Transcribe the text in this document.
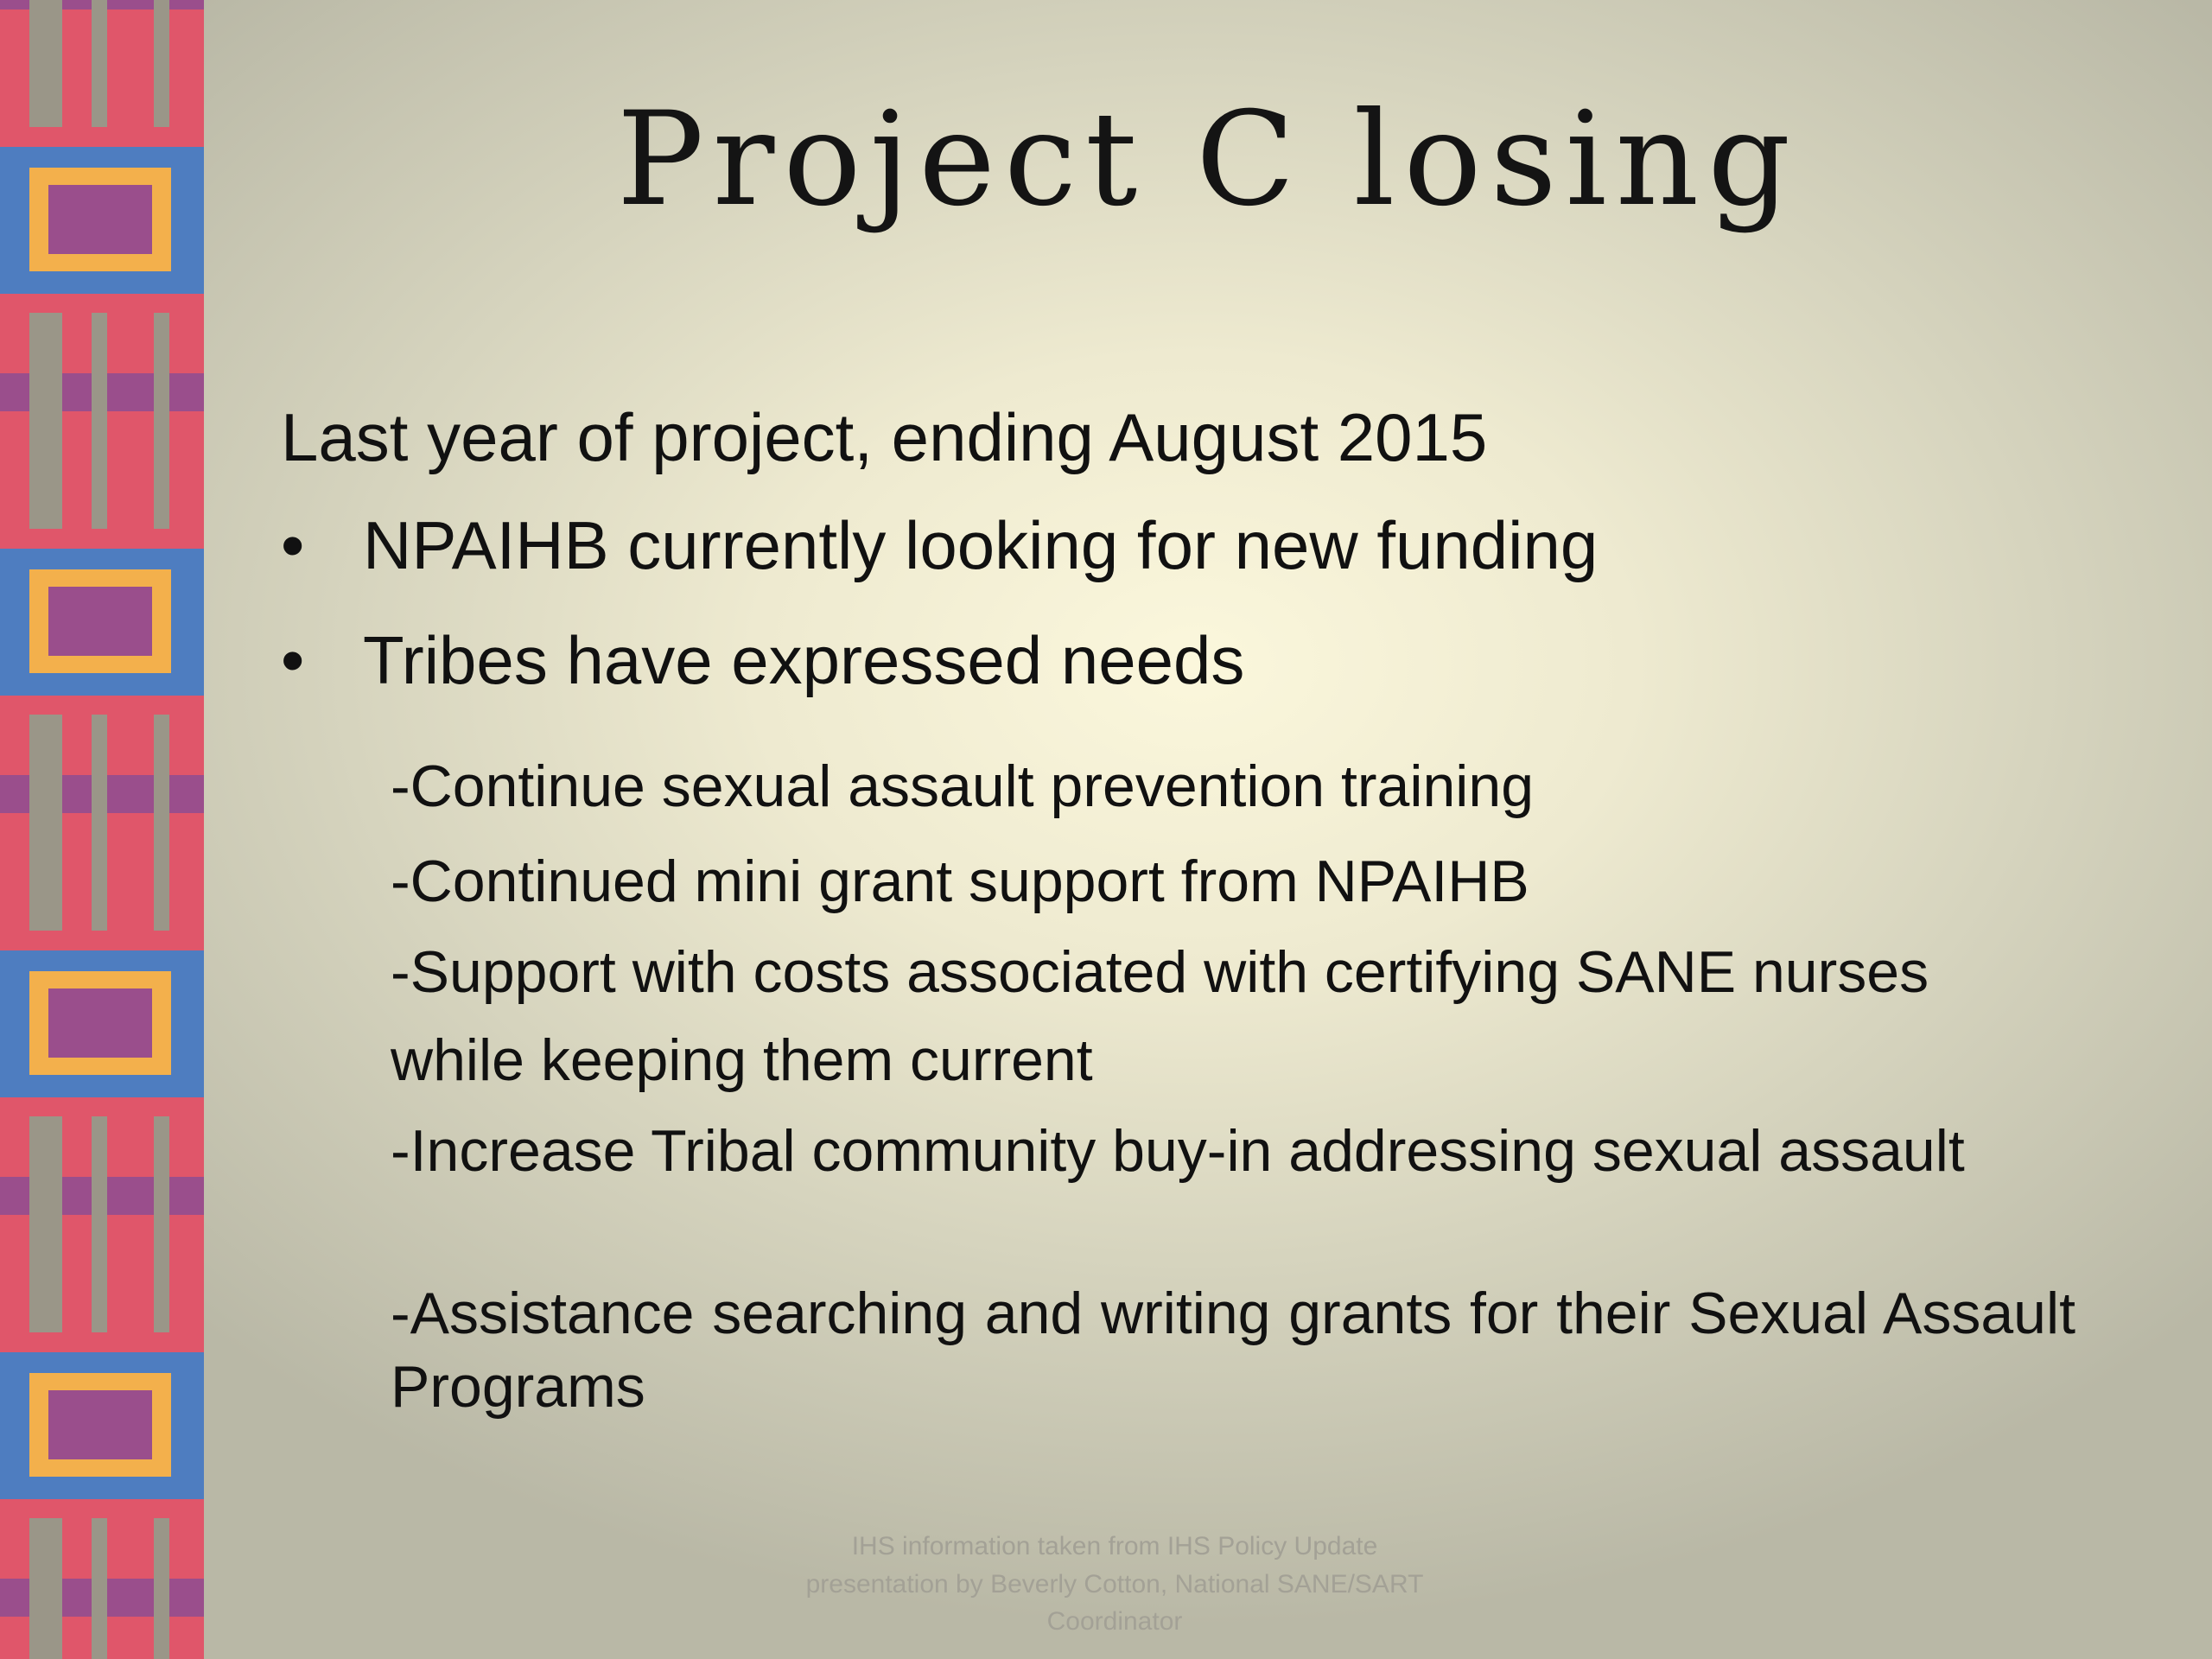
Project C losing
Last year of project, ending August 2015
• NPAIHB currently looking for new funding
• Tribes have expressed needs
-Continue sexual assault prevention training
-Continued mini grant support from NPAIHB
-Support with costs associated with certifying SANE nurses
while keeping them current
-Increase Tribal community buy-in addressing sexual assault
-Assistance searching and writing grants for their Sexual Assault Programs
IHS information taken from IHS Policy Update
presentation by Beverly Cotton, National SANE/SART
Coordinator
